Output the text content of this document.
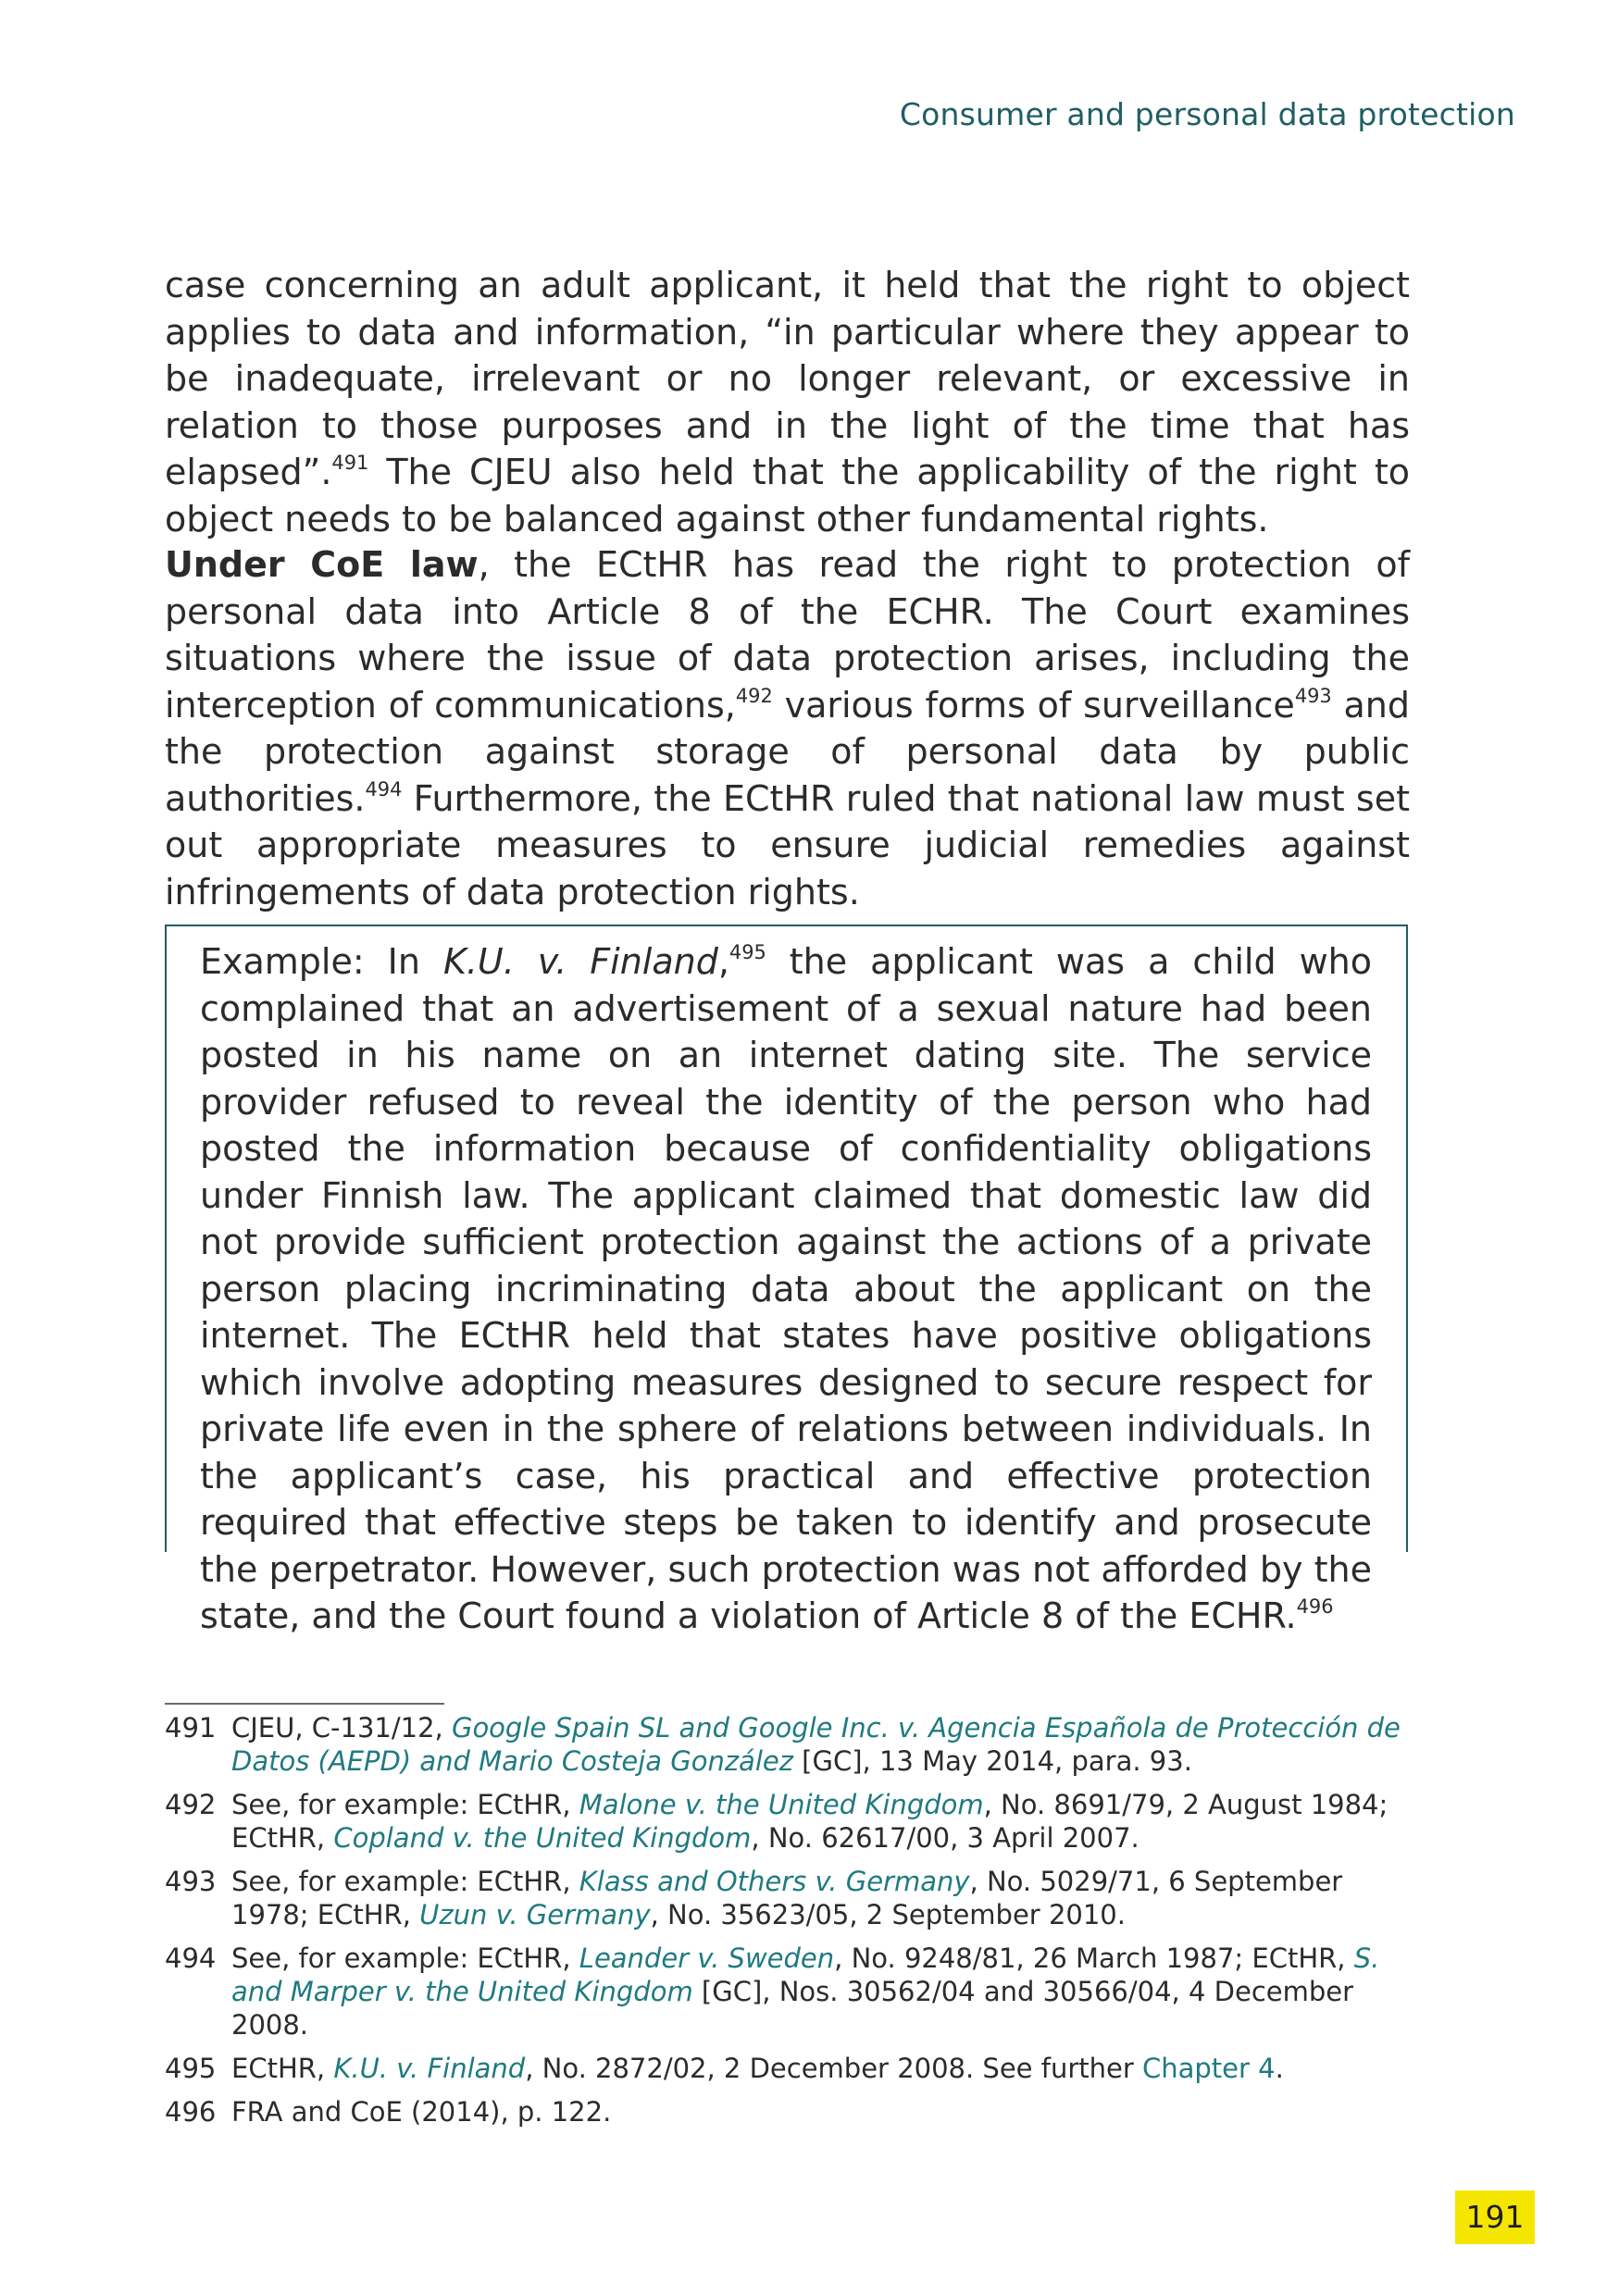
Consumer and personal data protection

case concerning an adult applicant, it held that the right to object applies to data and information, “in particular where they appear to be inadequate, irrelevant or no longer relevant, or excessive in relation to those purposes and in the light of the time that has elapsed”.$^{491}$ The CJEU also held that the applicability of the right to object needs to be balanced against other fundamental rights.

Under CoE law, the ECtHR has read the right to protection of personal data into Article 8 of the ECHR. The Court examines situations where the issue of data protection arises, including the interception of communications,$^{492}$ various forms of surveillance$^{493}$ and the protection against storage of personal data by public authorities.$^{494}$ Furthermore, the ECtHR ruled that national law must set out appropriate measures to ensure judicial remedies against infringements of data protection rights.

Example: In K.U. v. Finland,$^{495}$ the applicant was a child who complained that an advertisement of a sexual nature had been posted in his name on an internet dating site. The service provider refused to reveal the identity of the person who had posted the information because of confidentiality obligations under Finnish law. The applicant claimed that domestic law did not provide sufficient protection against the actions of a private person placing incriminating data about the applicant on the internet. The ECtHR held that states have positive obligations which involve adopting measures designed to secure respect for private life even in the sphere of relations between individuals. In the applicant’s case, his practical and effective protection required that effective steps be taken to identify and prosecute the perpetrator. However, such protection was not afforded by the state, and the Court found a violation of Article 8 of the ECHR.$^{496}$

491 CJEU, C-131/12, Google Spain SL and Google Inc. v. Agencia Española de Protección de Datos (AEPD) and Mario Costeja González [GC], 13 May 2014, para. 93.
492 See, for example: ECtHR, Malone v. the United Kingdom, No. 8691/79, 2 August 1984; ECtHR, Copland v. the United Kingdom, No. 62617/00, 3 April 2007.
493 See, for example: ECtHR, Klass and Others v. Germany, No. 5029/71, 6 September 1978; ECtHR, Uzun v. Germany, No. 35623/05, 2 September 2010.
494 See, for example: ECtHR, Leander v. Sweden, No. 9248/81, 26 March 1987; ECtHR, S. and Marper v. the United Kingdom [GC], Nos. 30562/04 and 30566/04, 4 December 2008.
495 ECtHR, K.U. v. Finland, No. 2872/02, 2 December 2008. See further Chapter 4.
496 FRA and CoE (2014), p. 122.
191
